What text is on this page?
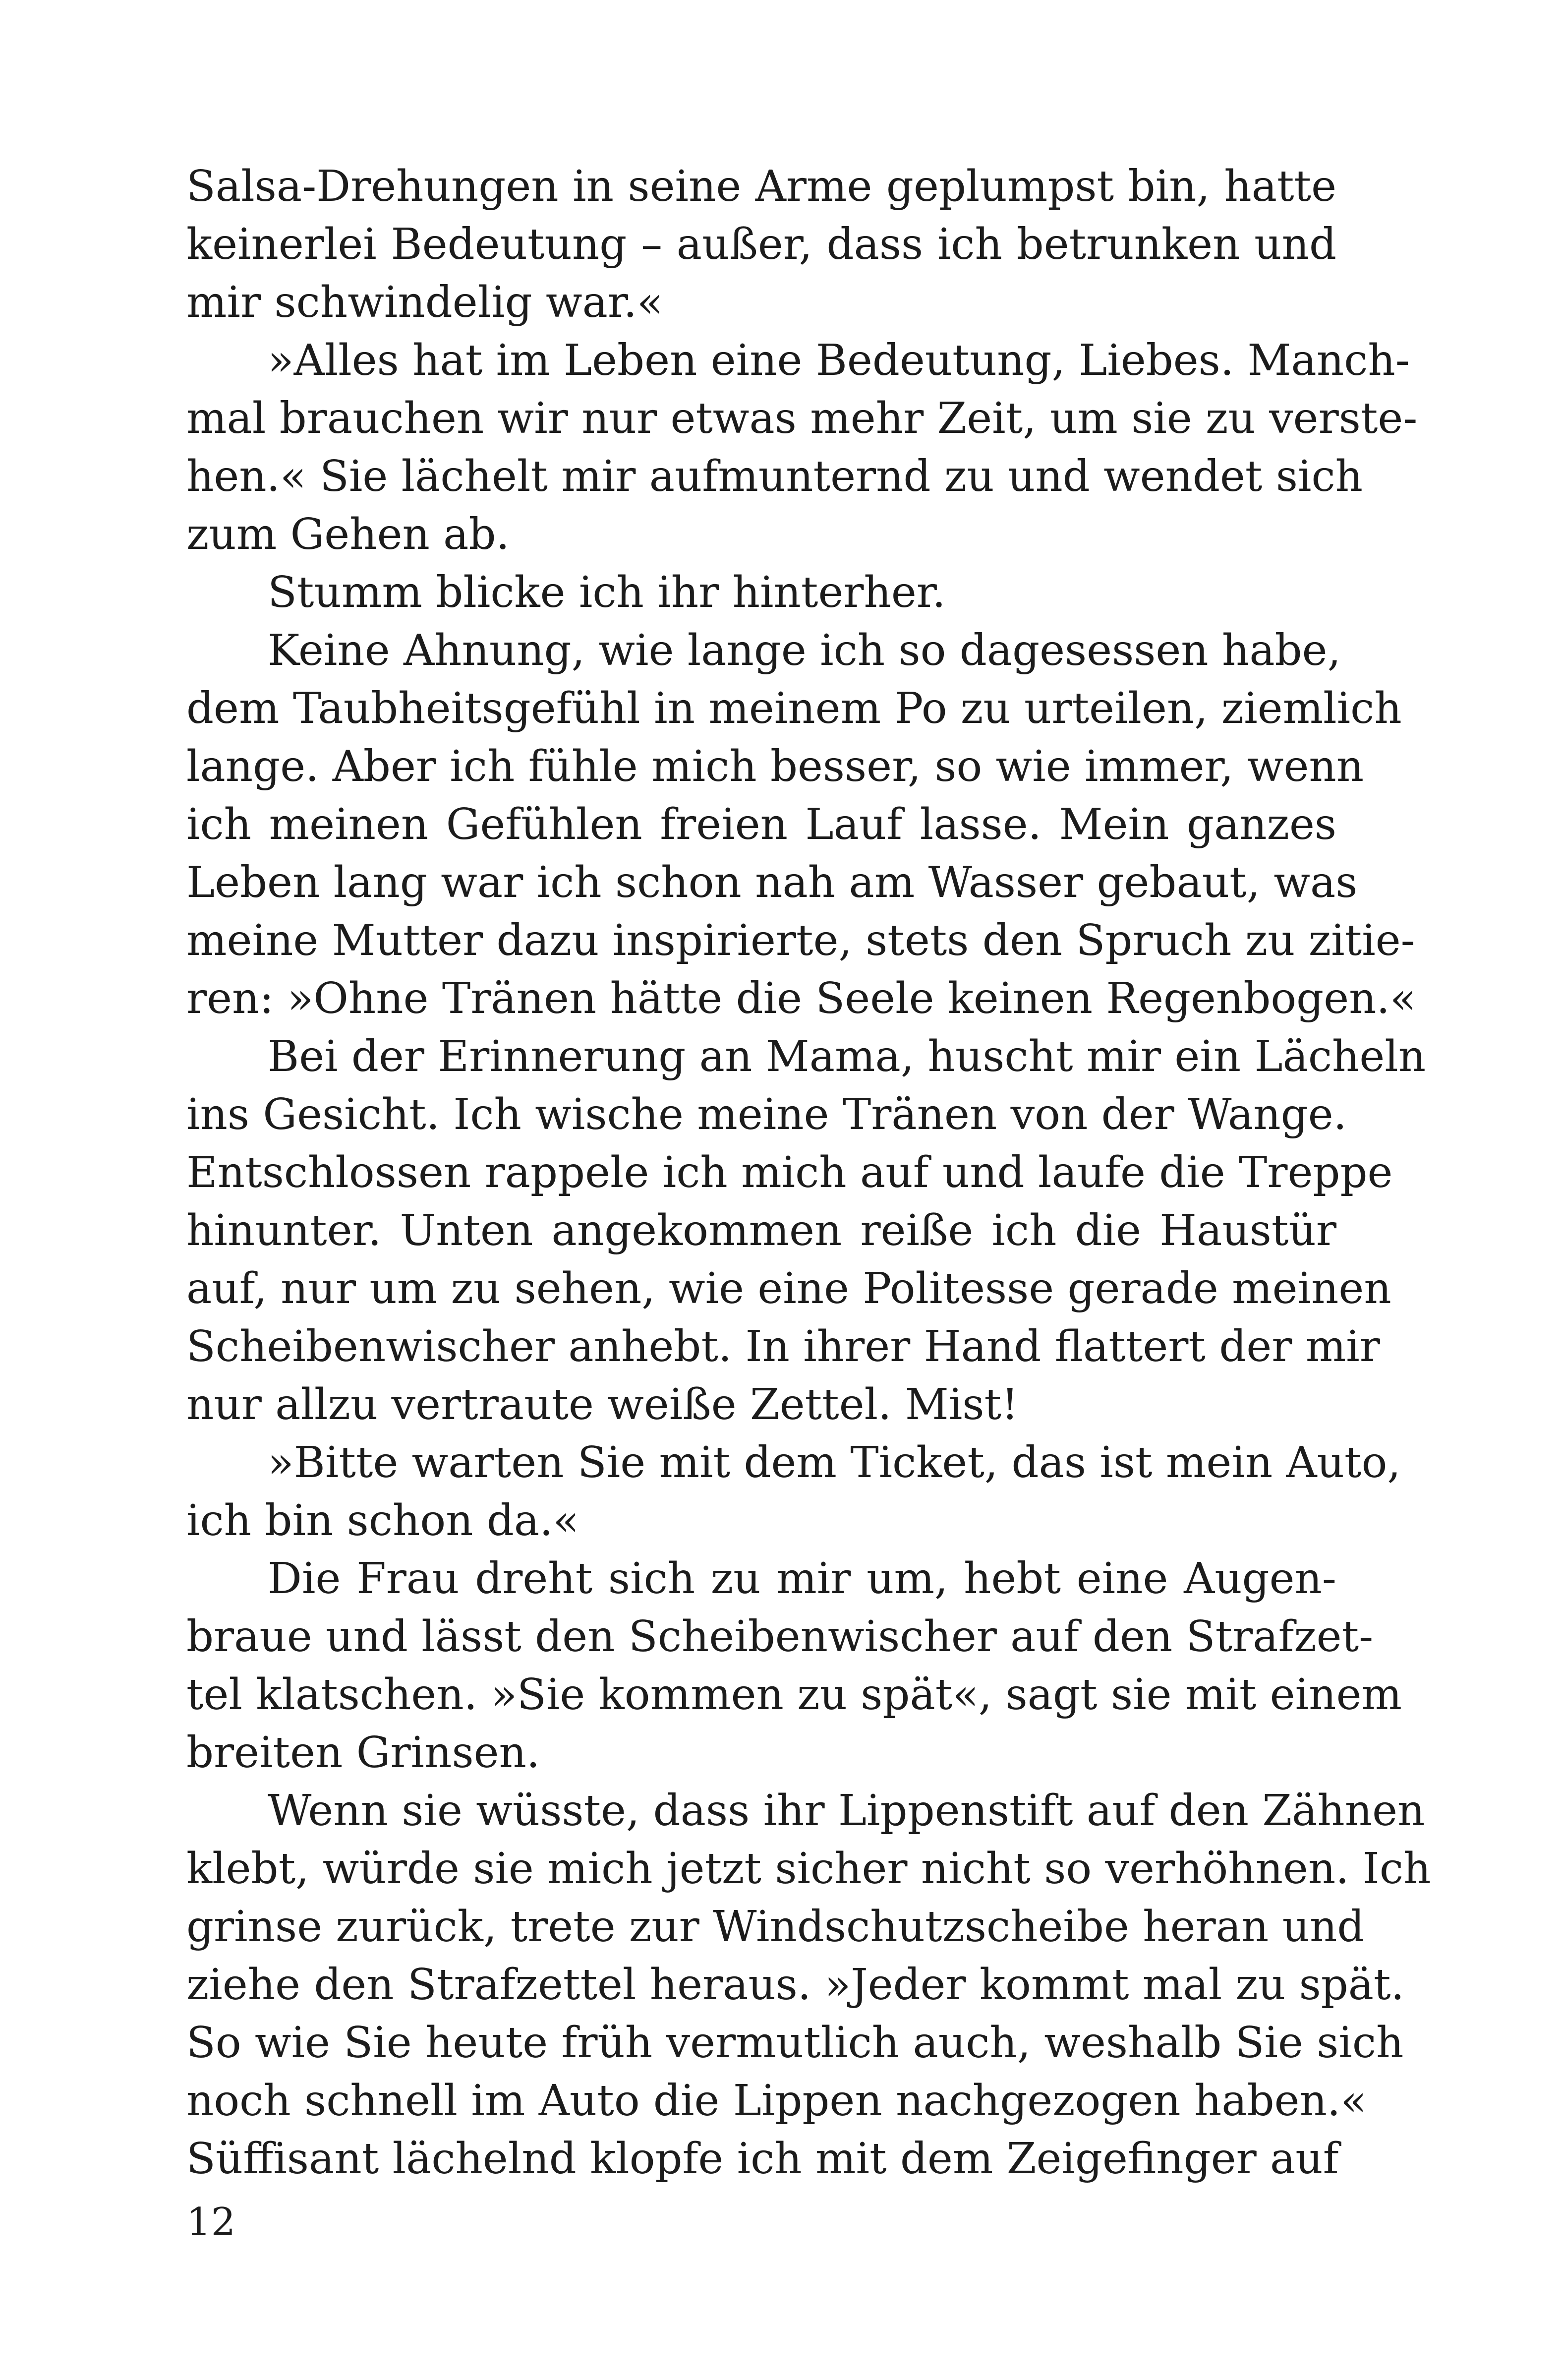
Salsa-Drehungen in seine Arme geplumpst bin, hatte
keinerlei Bedeutung – außer, dass ich betrunken und
mir schwindelig war.«
»Alles hat im Leben eine Bedeutung, Liebes. Manch-
mal brauchen wir nur etwas mehr Zeit, um sie zu verste-
hen.« Sie lächelt mir aufmunternd zu und wendet sich
zum Gehen ab.
Stumm blicke ich ihr hinterher.
Keine Ahnung, wie lange ich so dagesessen habe,
dem Taubheitsgefühl in meinem Po zu urteilen, ziemlich
lange. Aber ich fühle mich besser, so wie immer, wenn
ich meinen Gefühlen freien Lauf lasse. Mein ganzes
Leben lang war ich schon nah am Wasser gebaut, was
meine Mutter dazu inspirierte, stets den Spruch zu zitie-
ren: »Ohne Tränen hätte die Seele keinen Regenbogen.«
Bei der Erinnerung an Mama, huscht mir ein Lächeln
ins Gesicht. Ich wische meine Tränen von der Wange.
Entschlossen rappele ich mich auf und laufe die Treppe
hinunter. Unten angekommen reiße ich die Haustür
auf, nur um zu sehen, wie eine Politesse gerade meinen
Scheibenwischer anhebt. In ihrer Hand flattert der mir
nur allzu vertraute weiße Zettel. Mist!
»Bitte warten Sie mit dem Ticket, das ist mein Auto,
ich bin schon da.«
Die Frau dreht sich zu mir um, hebt eine Augen-
braue und lässt den Scheibenwischer auf den Strafzet-
tel klatschen. »Sie kommen zu spät«, sagt sie mit einem
breiten Grinsen.
Wenn sie wüsste, dass ihr Lippenstift auf den Zähnen
klebt, würde sie mich jetzt sicher nicht so verhöhnen. Ich
grinse zurück, trete zur Windschutzscheibe heran und
ziehe den Strafzettel heraus. »Jeder kommt mal zu spät.
So wie Sie heute früh vermutlich auch, weshalb Sie sich
noch schnell im Auto die Lippen nachgezogen haben.«
Süffisant lächelnd klopfe ich mit dem Zeigefinger auf
12
